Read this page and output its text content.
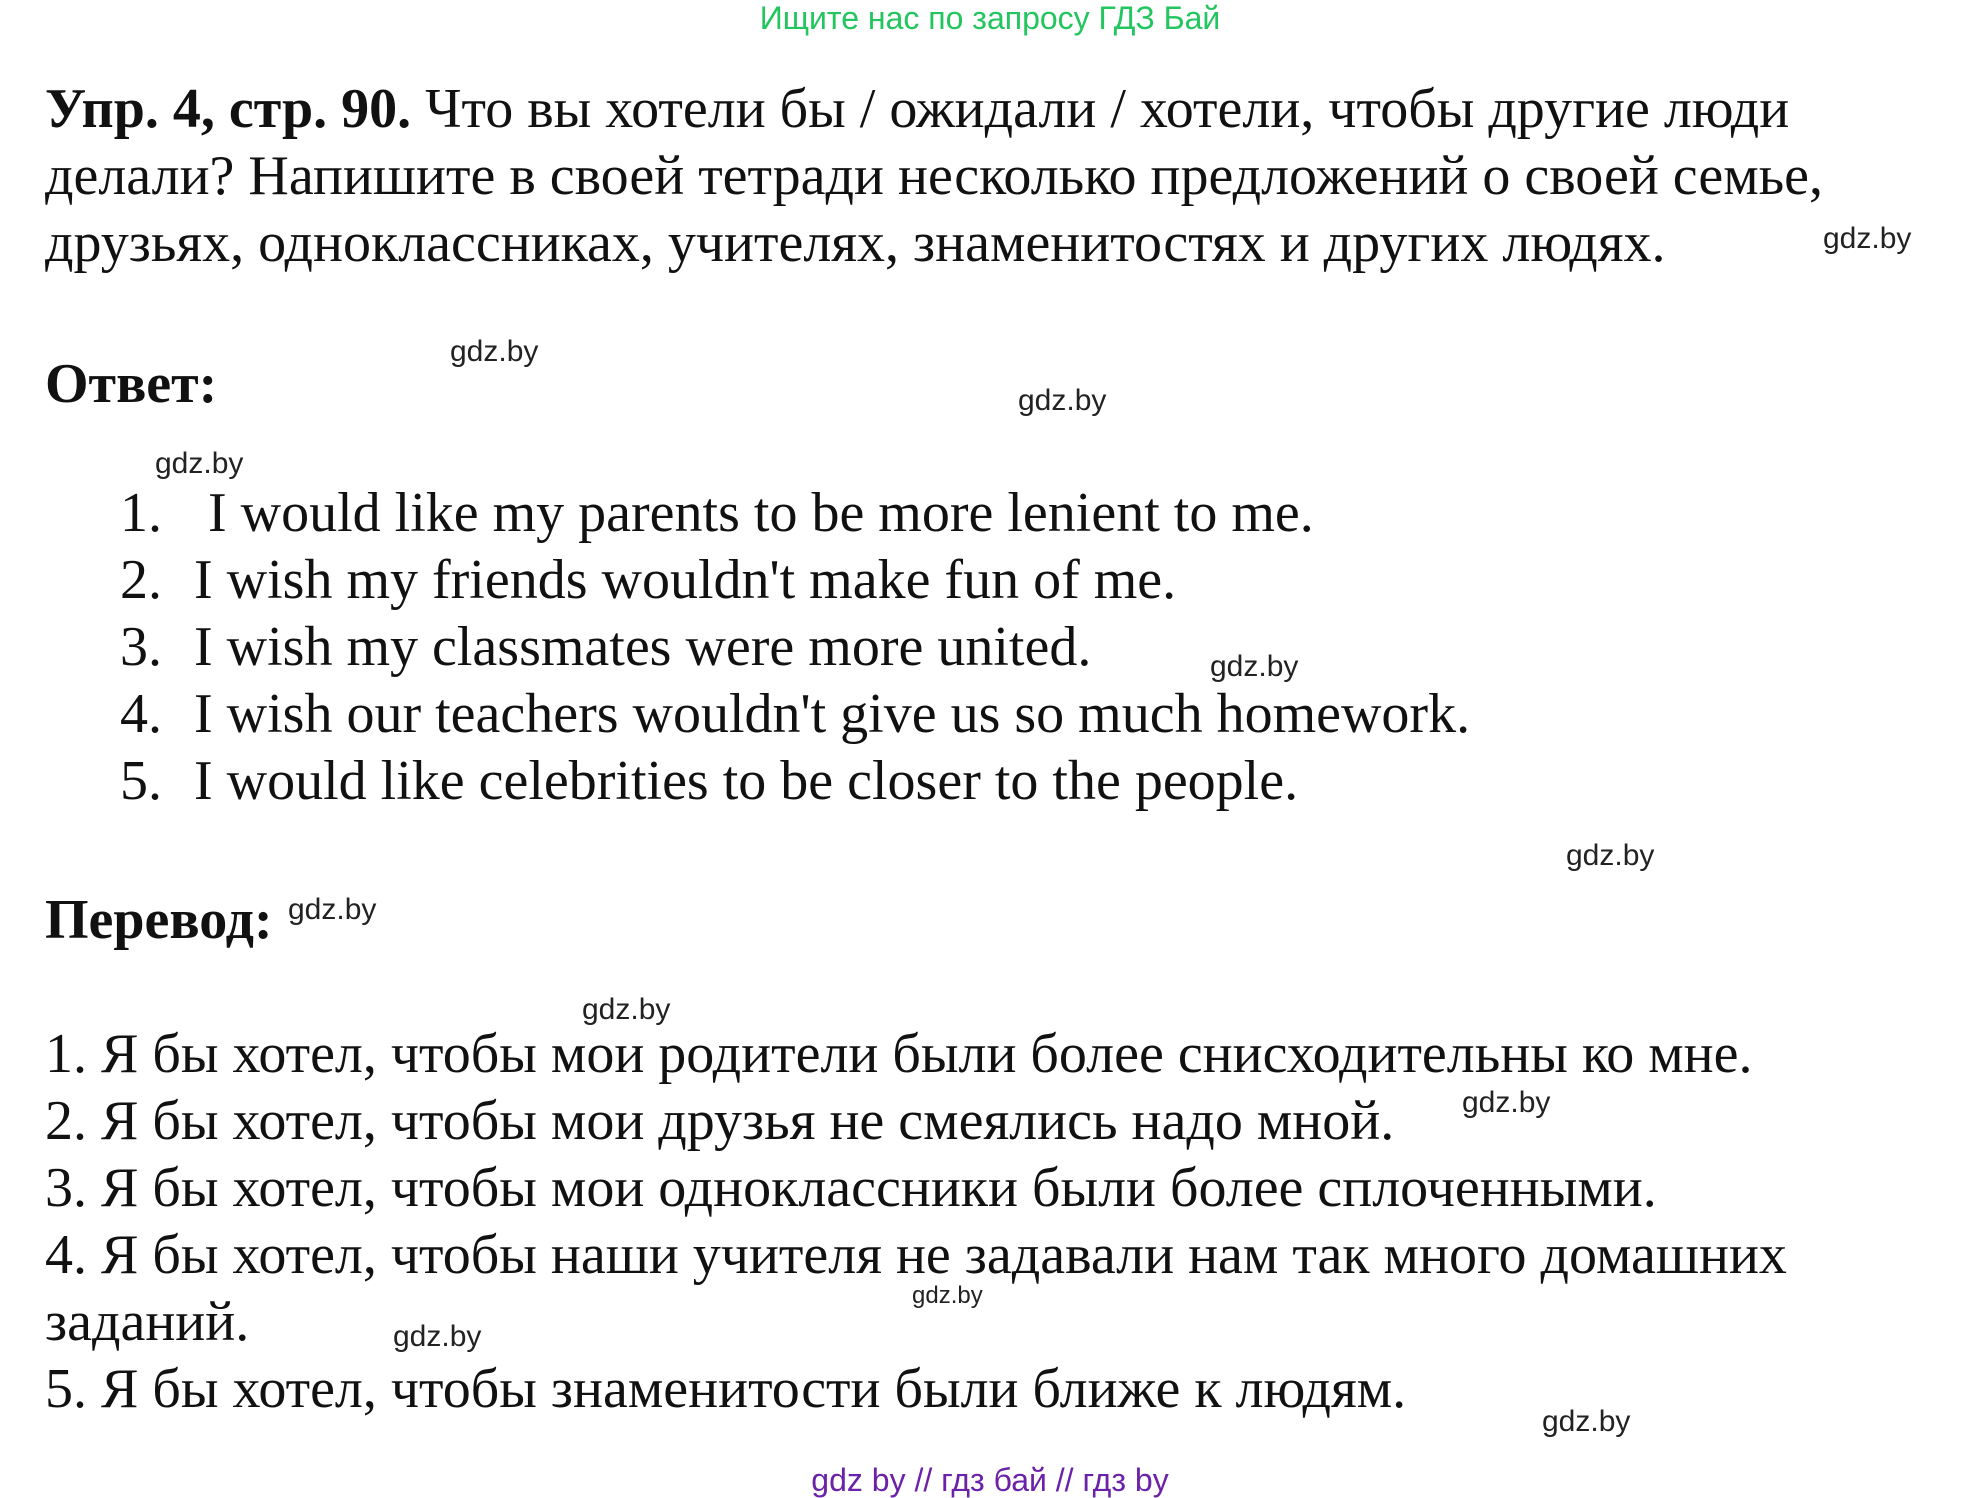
Ищите нас по запросу ГДЗ Бай
Упр. 4, стр. 90. Что вы хотели бы / ожидали / хотели, чтобы другие люди делали? Напишите в своей тетради несколько предложений о своей семье, друзьях, одноклассниках, учителях, знаменитостях и других людях.
Ответ:
1. I would like my parents to be more lenient to me.
2. I wish my friends wouldn't make fun of me.
3. I wish my classmates were more united.
4. I wish our teachers wouldn't give us so much homework.
5. I would like celebrities to be closer to the people.
Перевод:

1. Я бы хотел, чтобы мои родители были более снисходительны ко мне.

2. Я бы хотел, чтобы мои друзья не смеялись надо мной.

3. Я бы хотел, чтобы мои одноклассники были более сплоченными.

4. Я бы хотел, чтобы наши учителя не задавали нам так много домашних заданий.

5. Я бы хотел, чтобы знаменитости были ближе к людям.

gdz.by
gdz.by
gdz.by
gdz.by
gdz.by
gdz.by
gdz.by
gdz.by
gdz.by
gdz.by
gdz.by
gdz.by
gdz by // гдз бай // гдз by
